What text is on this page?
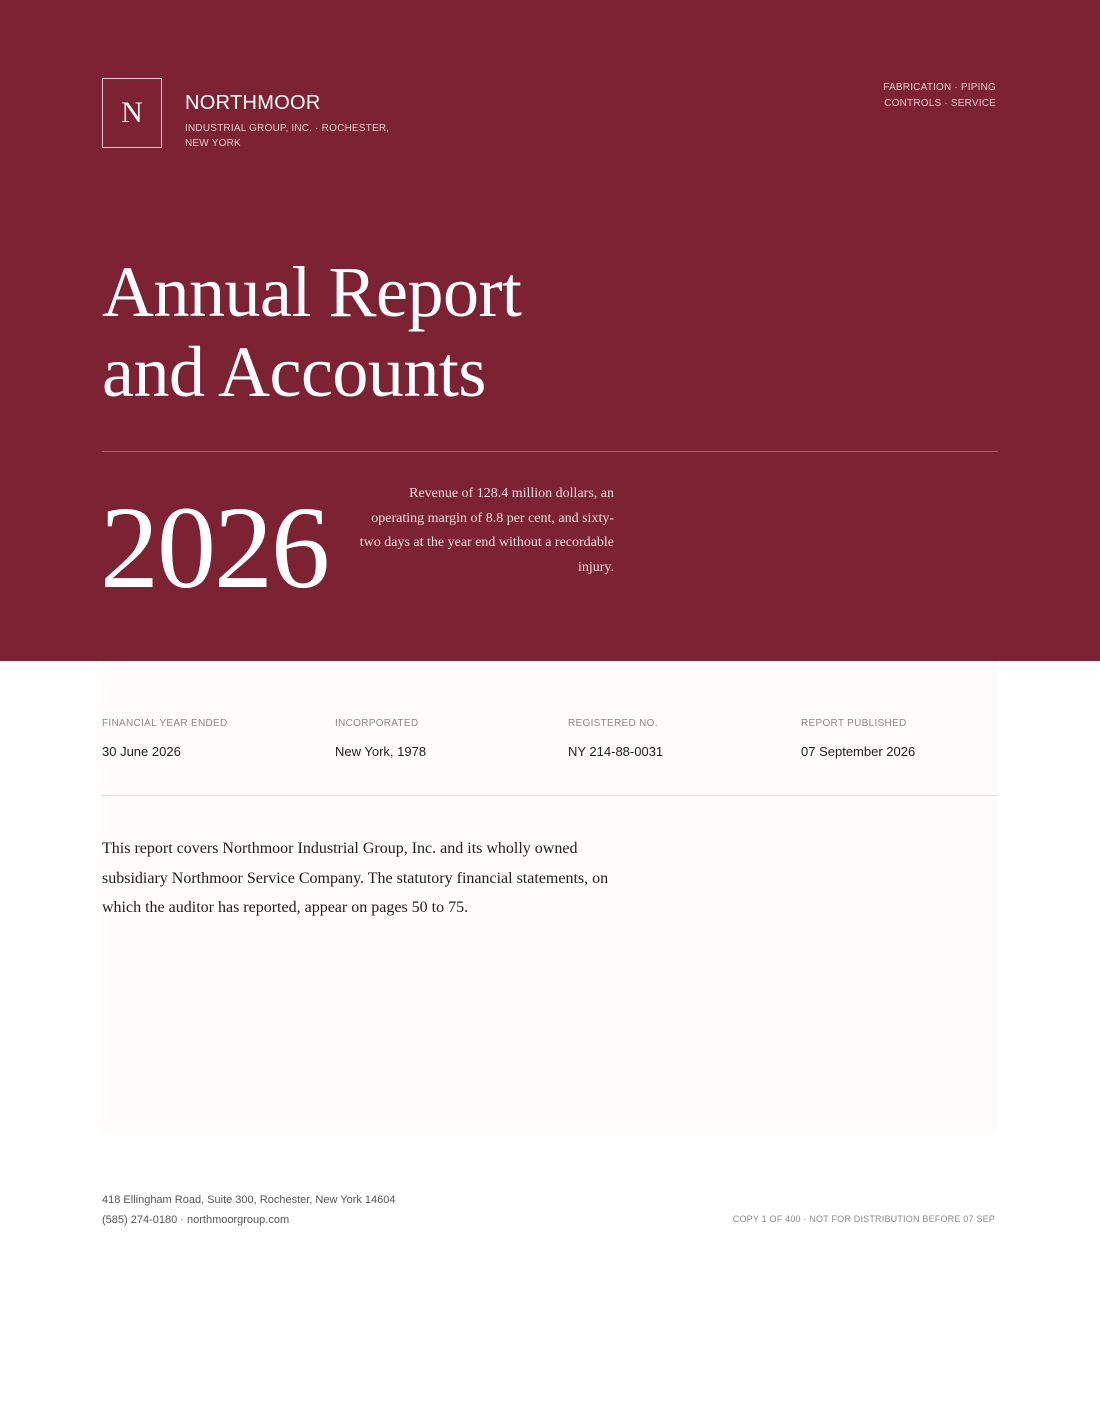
N NORTHMOOR
INDUSTRIAL GROUP, INC. · ROCHESTER, NEW YORK
FABRICATION · PIPING
CONTROLS · SERVICE
Annual Report
and Accounts
2026	Revenue of 128.4 million dollars, an operating margin of 8.8 per cent, and sixty-two days at the year end without a recordable injury.
FINANCIAL YEAR ENDED
30 June 2026
INCORPORATED
New York, 1978
REGISTERED NO.
NY 214-88-0031
REPORT PUBLISHED
07 September 2026

This report covers Northmoor Industrial Group, Inc. and its wholly owned subsidiary Northmoor Service Company. The statutory financial statements, on which the auditor has reported, appear on pages 50 to 75.

418 Ellingham Road, Suite 300, Rochester, New York 14604
(585) 274-0180 · northmoorgroup.com	COPY 1 OF 400 · NOT FOR DISTRIBUTION BEFORE 07 SEP
